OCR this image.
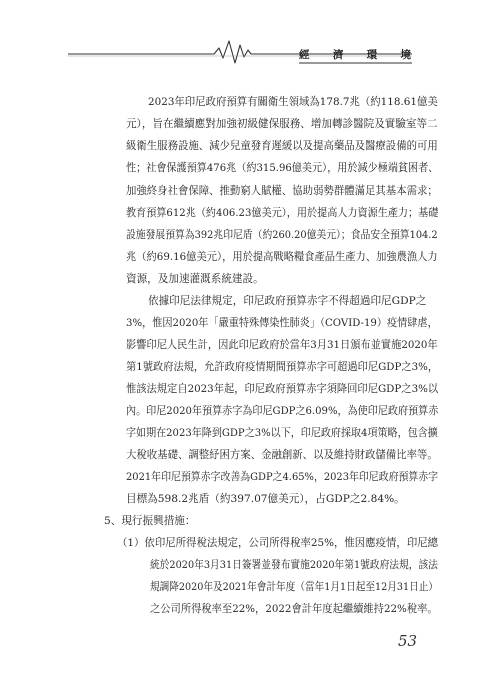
經 濟 環 境
2023年印尼政府預算有關衛生領域為178.7兆（約118.61億美
元），旨在繼續應對加強初級健保服務、增加轉診醫院及實驗室等二
級衛生服務設施、減少兒童發育遲緩以及提高藥品及醫療設備的可用
性；社會保護預算476兆（約315.96億美元），用於減少極端貧困者、
加強終身社會保障、推動窮人賦權、協助弱勢群體滿足其基本需求；
教育預算612兆（約406.23億美元），用於提高人力資源生產力；基礎
設施發展預算為392兆印尼盾（約260.20億美元）；食品安全預算104.2
兆（約69.16億美元），用於提高戰略糧食產品生產力、加強農漁人力
資源，及加速灌溉系統建設。
依據印尼法律規定，印尼政府預算赤字不得超過印尼GDP之
3%，惟因2020年「嚴重特殊傳染性肺炎」（COVID-19）疫情肆虐，
影響印尼人民生計，因此印尼政府於當年3月31日頒布並實施2020年
第1號政府法規，允許政府疫情期間預算赤字可超過印尼GDP之3%，
惟該法規定自2023年起，印尼政府預算赤字須降回印尼GDP之3%以
內。印尼2020年預算赤字為印尼GDP之6.09%，為使印尼政府預算赤
字如期在2023年降到GDP之3%以下，印尼政府採取4項策略，包含擴
大稅收基礎、調整紓困方案、金融創新、以及維持財政儲備比率等。
2021年印尼預算赤字改善為GDP之4.65%，2023年印尼政府預算赤字
目標為598.2兆盾（約397.07億美元），占GDP之2.84%。
5、現行振興措施：
（1）依印尼所得稅法規定，公司所得稅率25%，惟因應疫情，印尼總
統於2020年3月31日簽署並發布實施2020年第1號政府法規，該法
規調降2020年及2021年會計年度（當年1月1日起至12月31日止）
之公司所得稅率至22%，2022會計年度起繼續維持22%稅率。
53
